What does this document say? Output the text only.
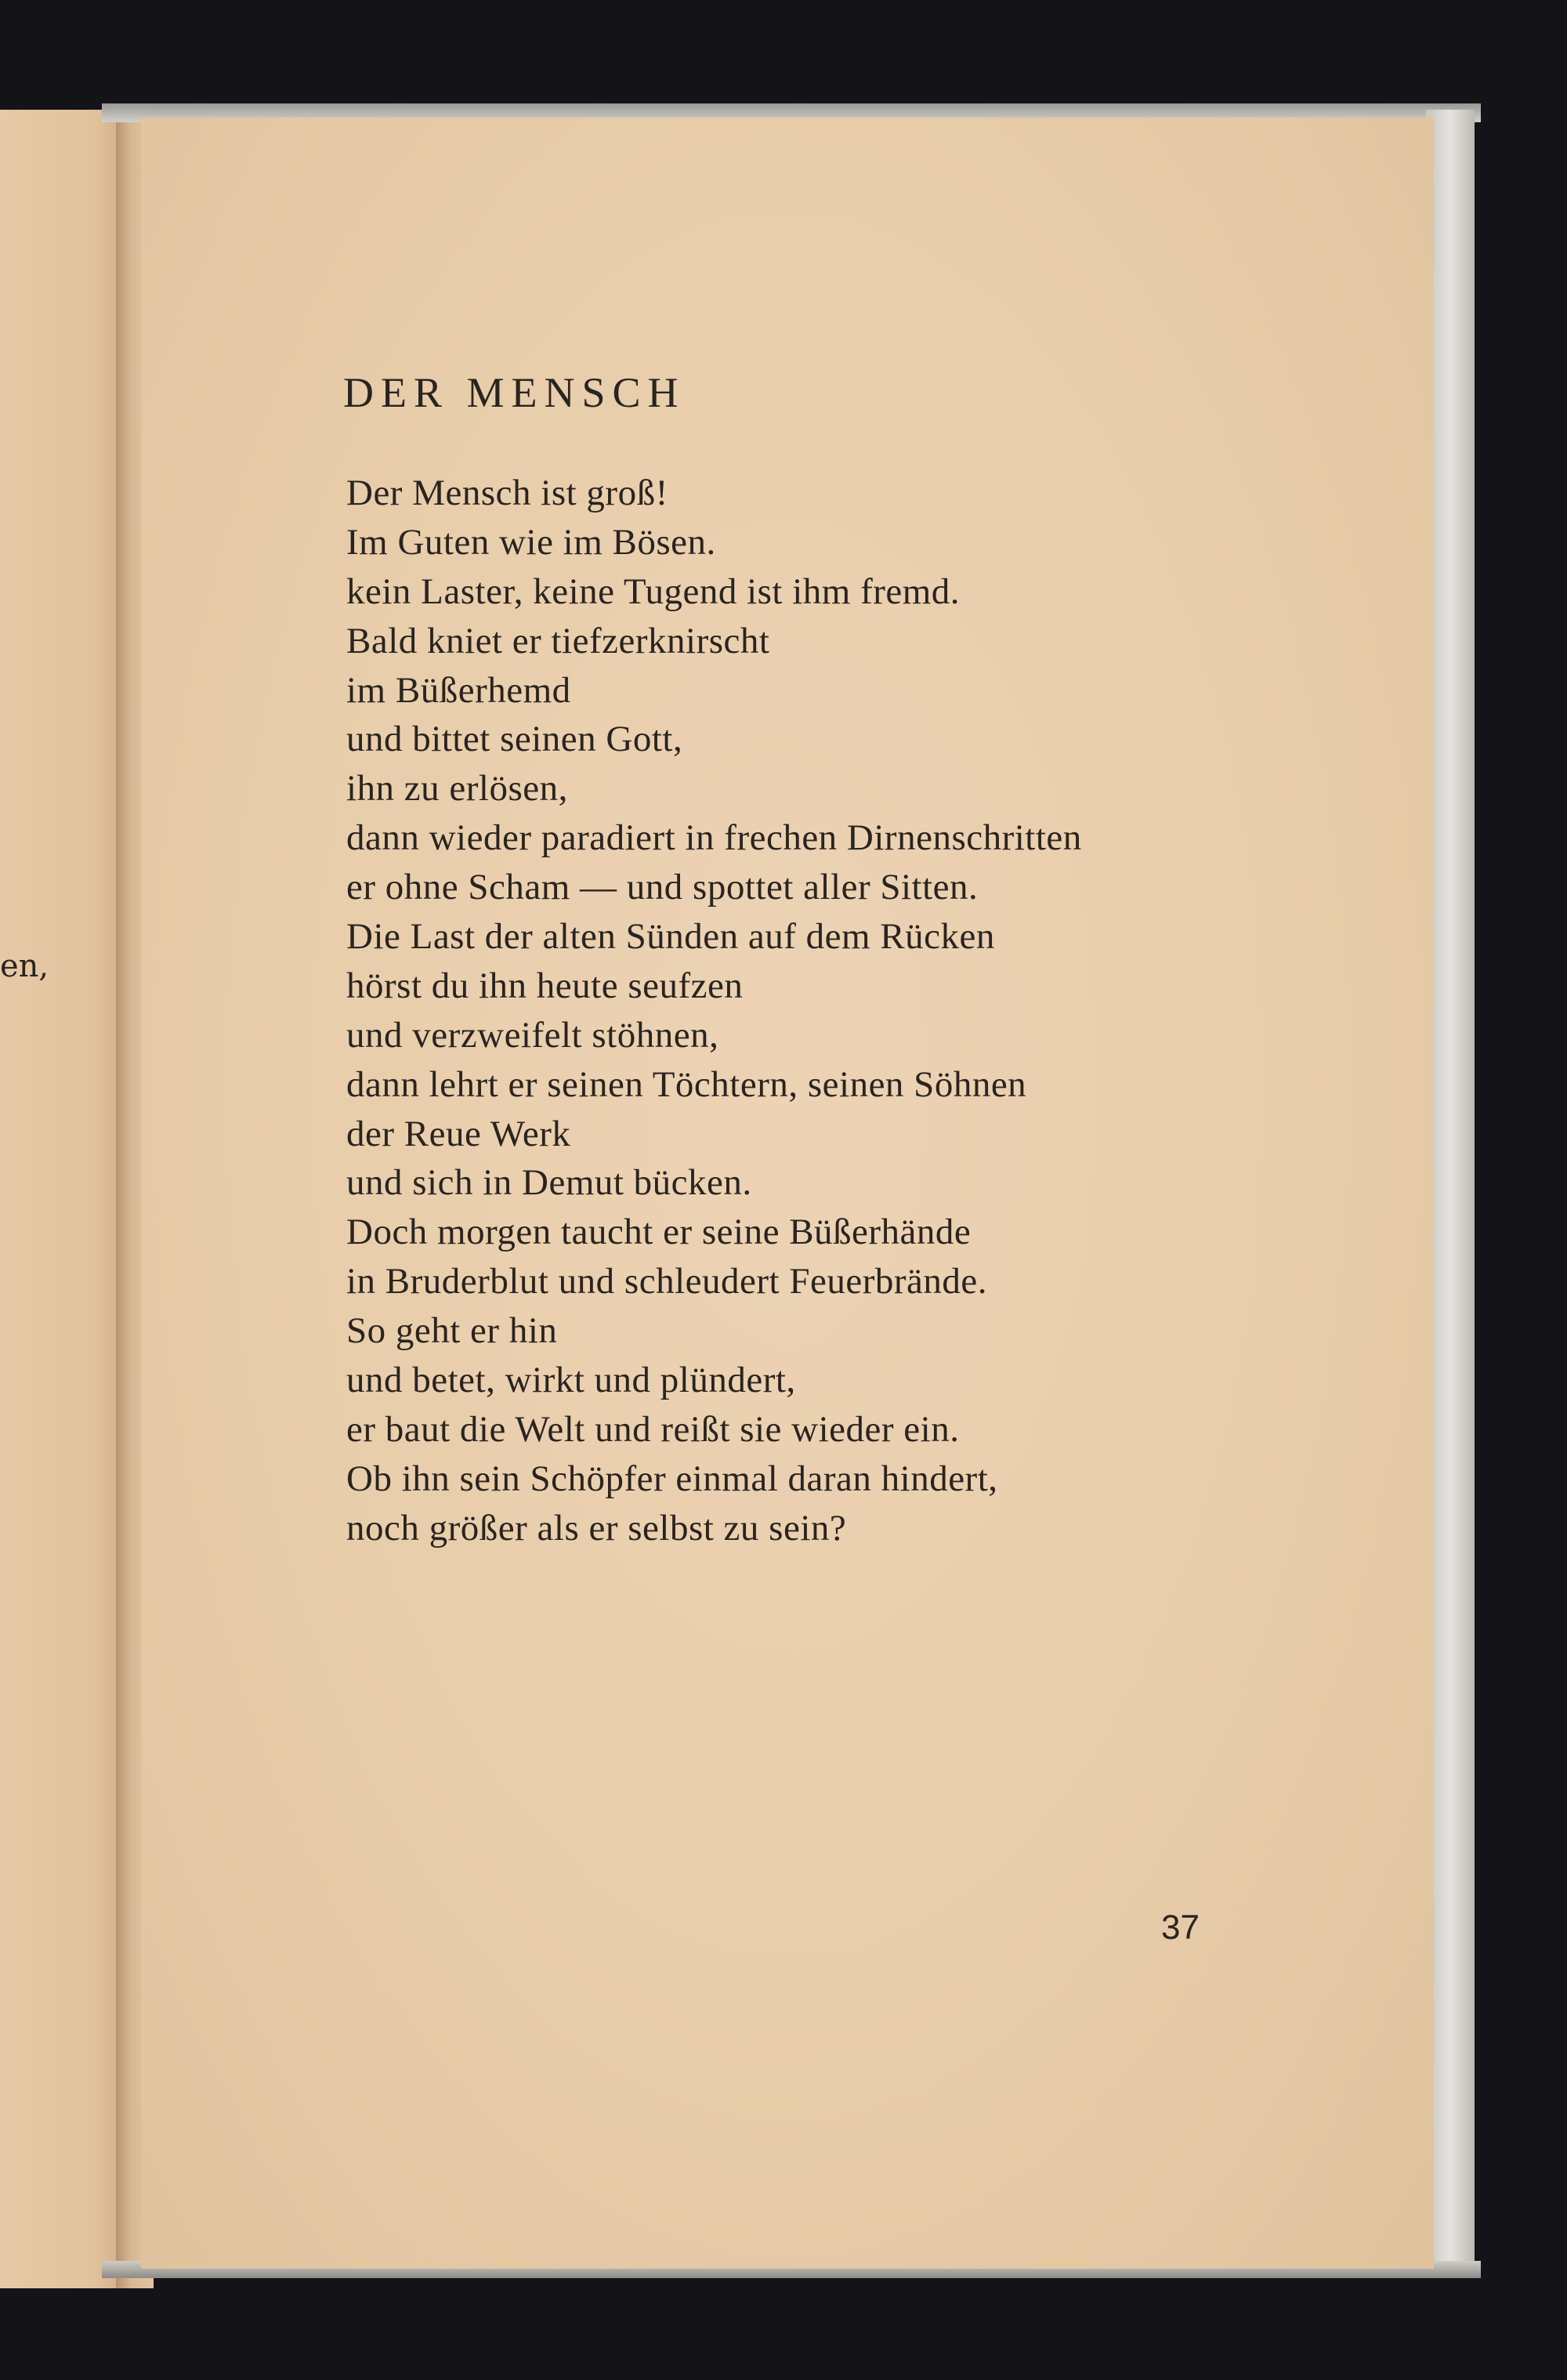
en,
DER MENSCH
Der Mensch ist groß!
Im Guten wie im Bösen.
kein Laster, keine Tugend ist ihm fremd.
Bald kniet er tiefzerknirscht
im Büßerhemd
und bittet seinen Gott,
ihn zu erlösen,
dann wieder paradiert in frechen Dirnenschritten
er ohne Scham — und spottet aller Sitten.
Die Last der alten Sünden auf dem Rücken
hörst du ihn heute seufzen
und verzweifelt stöhnen,
dann lehrt er seinen Töchtern, seinen Söhnen
der Reue Werk
und sich in Demut bücken.
Doch morgen taucht er seine Büßerhände
in Bruderblut und schleudert Feuerbrände.
So geht er hin
und betet, wirkt und plündert,
er baut die Welt und reißt sie wieder ein.
Ob ihn sein Schöpfer einmal daran hindert,
noch größer als er selbst zu sein?
37
